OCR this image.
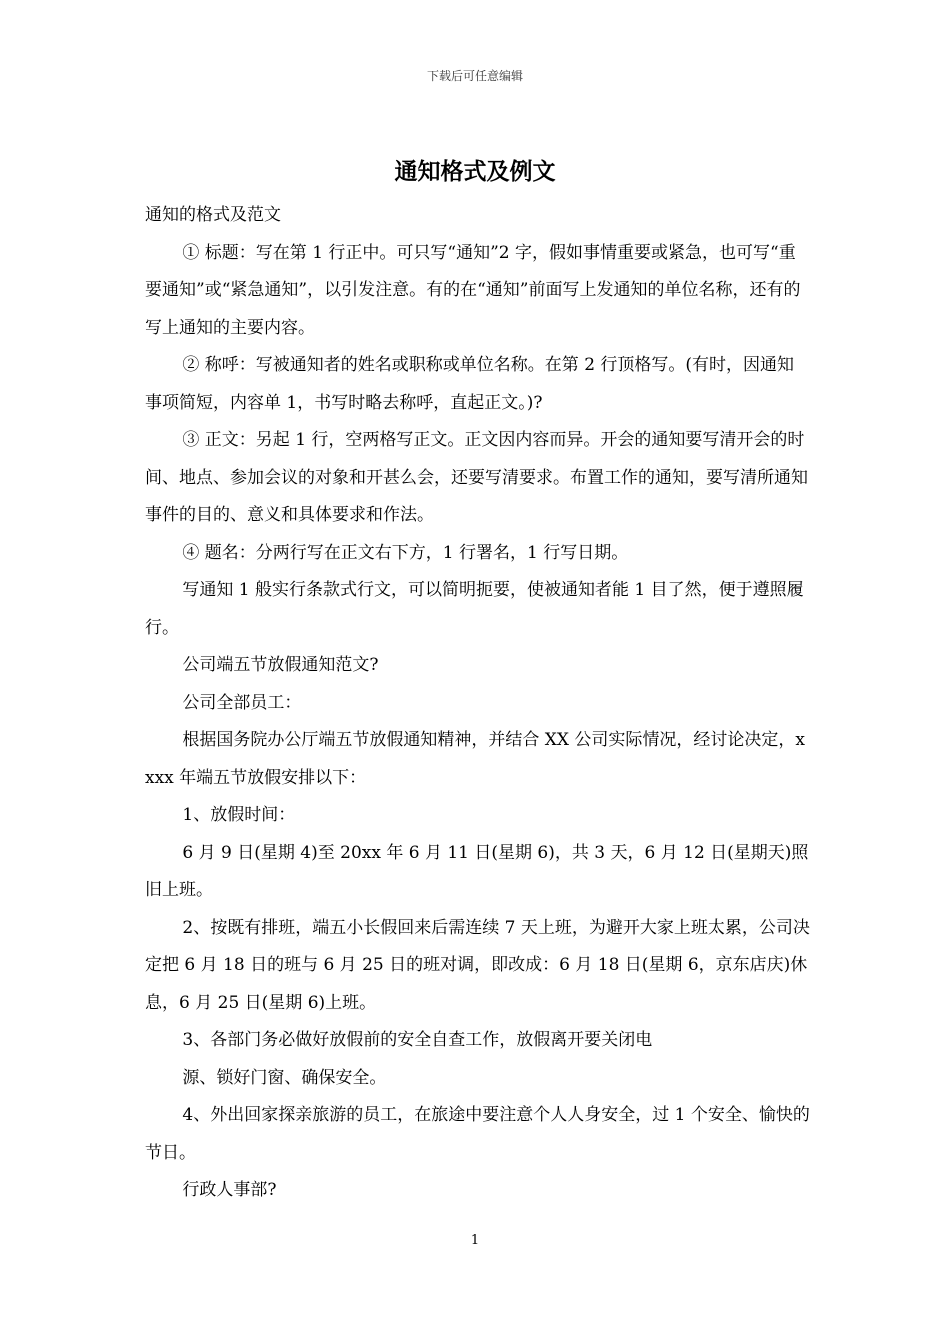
下载后可任意编辑
通知格式及例文

通知的格式及范文

① 标题：写在第 1 行正中。可只写“通知”2 字，假如事情重要或紧急，也可写“重要通知”或“紧急通知”，以引发注意。有的在“通知”前面写上发通知的单位名称，还有的写上通知的主要内容。

② 称呼：写被通知者的姓名或职称或单位名称。在第 2 行顶格写。(有时，因通知事项简短，内容单 1，书写时略去称呼，直起正文。)?

③ 正文：另起 1 行，空两格写正文。正文因内容而异。开会的通知要写清开会的时间、地点、参加会议的对象和开甚么会，还要写清要求。布置工作的通知，要写清所通知事件的目的、意义和具体要求和作法。

④ 题名：分两行写在正文右下方，1 行署名，1 行写日期。

写通知 1 般实行条款式行文，可以简明扼要，使被通知者能 1 目了然，便于遵照履行。

公司端五节放假通知范文?

公司全部员工：

根据国务院办公厅端五节放假通知精神，并结合 XX 公司实际情况，经讨论决定，xxxx 年端五节放假安排以下：

1、放假时间：

6 月 9 日(星期 4)至 20xx 年 6 月 11 日(星期 6)，共 3 天，6 月 12 日(星期天)照旧上班。

2、按既有排班，端五小长假回来后需连续 7 天上班，为避开大家上班太累，公司决定把 6 月 18 日的班与 6 月 25 日的班对调，即改成：6 月 18 日(星期 6，京东店庆)休息，6 月 25 日(星期 6)上班。

3、各部门务必做好放假前的安全自查工作，放假离开要关闭电

源、锁好门窗、确保安全。

4、外出回家探亲旅游的员工，在旅途中要注意个人人身安全，过 1 个安全、愉快的节日。

行政人事部?

1
